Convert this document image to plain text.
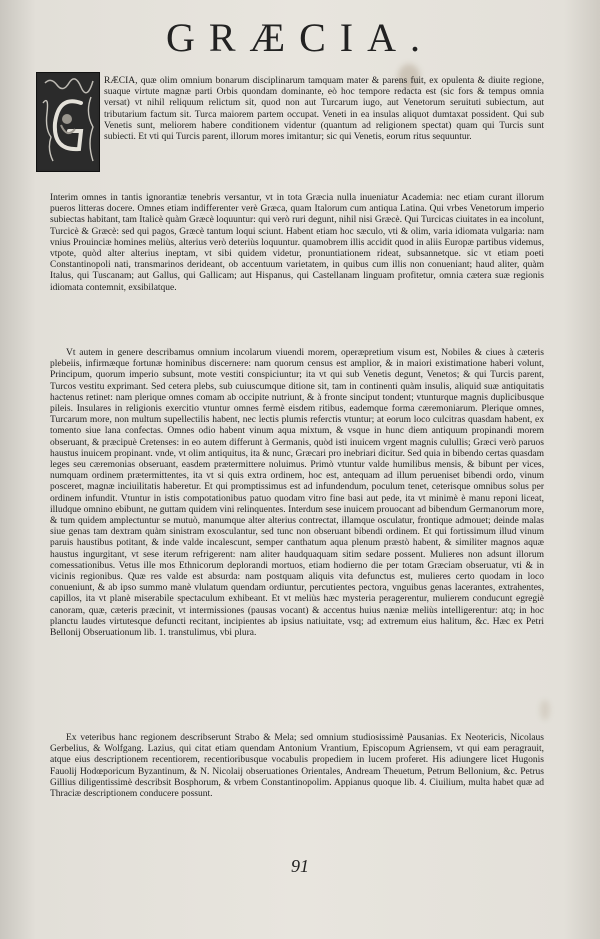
GRÆCIA.
RÆCIA, quæ olim omnium bonarum disciplinarum tamquam mater & parens fuit, ex opulenta & diuite regione, suaque virtute magnæ parti Orbis quondam dominante, eò hoc tempore redacta est (sic fors & tempus omnia versat) vt nihil reliquum relictum sit, quod non aut Turcarum iugo, aut Venetorum seruituti subiectum, aut tributarium factum sit. Turca maiorem partem occupat. Veneti in ea insulas aliquot dumtaxat possident. Qui sub Venetis sunt, meliorem habere conditionem videntur (quantum ad religionem spectat) quam qui Turcis sunt subiecti. Et vti qui Turcis parent, illorum mores imitantur; sic qui Venetis, eorum ritus sequuntur.

Interim omnes in tantis ignorantiæ tenebris versantur, vt in tota Græcia nulla inueniatur Academia: nec etiam curant illorum pueros litteras docere. Omnes etiam indifferenter verè Græca, quam Italorum cum antiqua Latina. Qui vrbes Venetorum imperio subiectas habitant, tam Italicè quàm Græcè loquuntur: qui verò ruri degunt, nihil nisi Græcè. Qui Turcicas ciuitates in ea incolunt, Turcicè & Græcè: sed qui pagos, Græcè tantum loqui sciunt. Habent etiam hoc sæculo, vti & olim, varia idiomata vulgaria: nam vnius Prouinciæ homines meliùs, alterius verò deteriùs loquuntur. quamobrem illis accidit quod in aliis Europæ partibus videmus, vtpote, quòd alter alterius ineptam, vt sibi quidem videtur, pronuntiationem rideat, subsannetque. sic vt etiam poeti Constantinopoli nati, transmarinos derideant, ob accentuum varietatem, in quibus cum illis non conueniant; haud aliter, quàm Italus, qui Tuscanam; aut Gallus, qui Gallicam; aut Hispanus, qui Castellanam linguam profitetur, omnia cætera suæ regionis idiomata contemnit, exsibilatque.

Vt autem in genere describamus omnium incolarum viuendi morem, operæpretium visum est, Nobiles & ciues à cæteris plebeiis, infirmæque fortunæ hominibus discernere: nam quorum census est amplior, & in maiori existimatione haberi volunt, Principum, quorum imperio subsunt, mote vestiti conspiciuntur; ita vt qui sub Venetis degunt, Venetos; & qui Turcis parent, Turcos vestitu exprimant. Sed cetera plebs, sub cuiuscumque ditione sit, tam in continenti quàm insulis, aliquid suæ antiquitatis hactenus retinet: nam plerique omnes comam ab occipite nutriunt, & à fronte sinciput tondent; vtunturque magnis duplicibusque pileis. Insulares in religionis exercitio vtuntur omnes fermè eisdem ritibus, eademque forma cæremoniarum. Plerique omnes, Turcarum more, non multum supellectilis habent, nec lectis plumis referctis vtuntur; at eorum loco culcitras quasdam habent, ex tomento siue lana confectas. Omnes odio habent vinum aqua mixtum, & vsque in hunc diem antiquum propinandi morem obseruant, & præcipuè Cretenses: in eo autem differunt à Germanis, quòd isti inuicem vrgent magnis culullis; Græci verò paruos haustus inuicem propinant. vnde, vt olim antiquitus, ita & nunc, Græcari pro inebriari dicitur. Sed quia in bibendo certas quasdam leges seu cæremonias obseruant, easdem prætermittere noluimus. Primò vtuntur valde humilibus mensis, & bibunt per vices, numquam ordinem prætermittentes, ita vt si quis extra ordinem, hoc est, antequam ad illum perueniset bibendi ordo, vinum posceret, magnæ inciuilitatis haberetur. Et qui promptissimus est ad infundendum, poculum tenet, ceterisque omnibus solus per ordinem infundit. Vtuntur in istis compotationibus patuo quodam vitro fine basi aut pede, ita vt minimè è manu reponi liceat, illudque omnino ebibunt, ne guttam quidem vini relinquentes. Interdum sese inuicem prouocant ad bibendum Germanorum more, & tum quidem amplectuntur se mutuò, manumque alter alterius contrectat, illamque osculatur, frontique admouet; deinde malas siue genas tam dextram quàm sinistram exosculantur, sed tunc non obseruant bibendi ordinem. Et qui fortissimum illud vinum paruis haustibus potitant, & inde valde incalescunt, semper canthatum aqua plenum præstò habent, & similiter magnos aquæ haustus ingurgitant, vt sese iterum refrigerent: nam aliter haudquaquam sitim sedare possent. Mulieres non adsunt illorum comessationibus. Vetus ille mos Ethnicorum deplorandi mortuos, etiam hodierno die per totam Græciam obseruatur, vti & in vicinis regionibus. Quæ res valde est absurda: nam postquam aliquis vita defunctus est, mulieres certo quodam in loco conueniunt, & ab ipso summo manè vlulatum quendam ordiuntur, percutientes pectora, vnguibus genas lacerantes, extrahentes, capillos, ita vt planè miserabile spectaculum exhibeant. Et vt meliùs hæc mysteria peragerentur, mulierem conducunt egregiè canoram, quæ, cæteris præcinit, vt intermissiones (pausas vocant) & accentus huius næniæ meliùs intelligerentur: atq; in hoc planctu laudes virtutesque defuncti recitant, incipientes ab ipsius natiuitate, vsq; ad extremum eius halitum, &c. Hæc ex Petri Bellonij Obseruationum lib. 1. transtulimus, vbi plura.

Ex veteribus hanc regionem describserunt Strabo & Mela; sed omnium studiosissimè Pausanias. Ex Neotericis, Nicolaus Gerbelius, & Wolfgang. Lazius, qui citat etiam quendam Antonium Vrantium, Episcopum Agriensem, vt qui eam peragrauit, atque eius descriptionem recentiorem, recentioribusque vocabulis propediem in lucem proferet. His adiungere licet Hugonis Fauolij Hodœporicum Byzantinum, & N. Nicolaij obseruationes Orientales, Andream Theuetum, Petrum Bellonium, &c. Petrus Gillius diligentissimè describsit Bosphorum, & vrbem Constantinopolim. Appianus quoque lib. 4. Ciuilium, multa habet quæ ad Thraciæ descriptionem conducere possunt.

91
